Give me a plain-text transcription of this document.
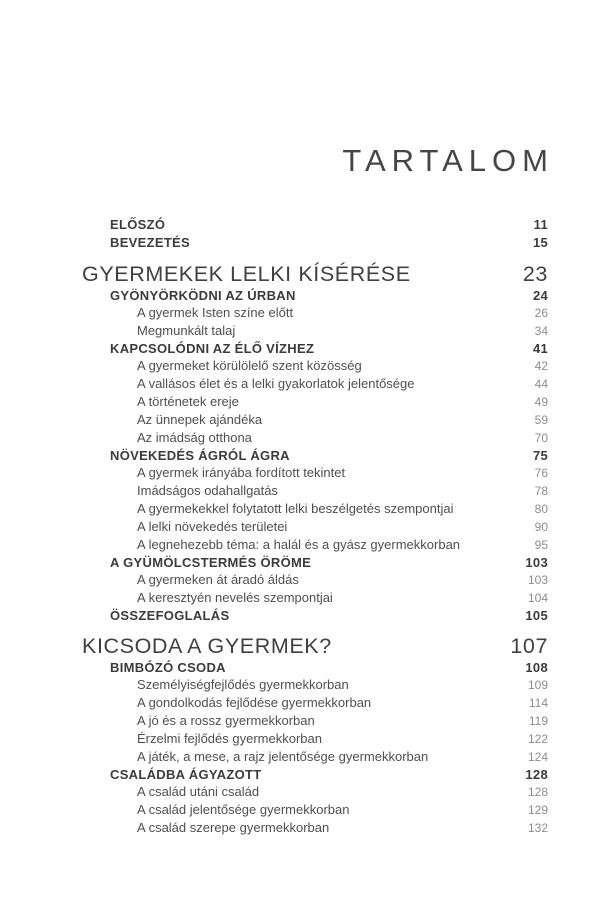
TARTALOM
ELŐSZÓ	11
BEVEZETÉS	15
GYERMEKEK LELKI KÍSÉRÉSE	23
GYÖNYÖRKÖDNI AZ ÚRBAN	24
A gyermek Isten színe előtt	26
Megmunkált talaj	34
KAPCSOLÓDNI AZ ÉLŐ VÍZHEZ	41
A gyermeket körülölelő szent közösség	42
A vallásos élet és a lelki gyakorlatok jelentősége	44
A történetek ereje	49
Az ünnepek ajándéka	59
Az imádság otthona	70
NÖVEKEDÉS ÁGRÓL ÁGRA	75
A gyermek irányába fordított tekintet	76
Imádságos odahallgatás	78
A gyermekekkel folytatott lelki beszélgetés szempontjai	80
A lelki növekedés területei	90
A legnehezebb téma: a halál és a gyász gyermekkorban	95
A GYÜMÖLCSTERMÉS ÖRÖME	103
A gyermeken át áradó áldás	103
A keresztyén nevelés szempontjai	104
ÖSSZEFOGLALÁS	105
KICSODA A GYERMEK?	107
BIMBÓZÓ CSODA	108
Személyiségfejlődés gyermekkorban	109
A gondolkodás fejlődése gyermekkorban	114
A jó és a rossz gyermekkorban	119
Érzelmi fejlődés gyermekkorban	122
A játék, a mese, a rajz jelentősége gyermekkorban	124
CSALÁDBA ÁGYAZOTT	128
A család utáni család	128
A család jelentősége gyermekkorban	129
A család szerepe gyermekkorban	132
